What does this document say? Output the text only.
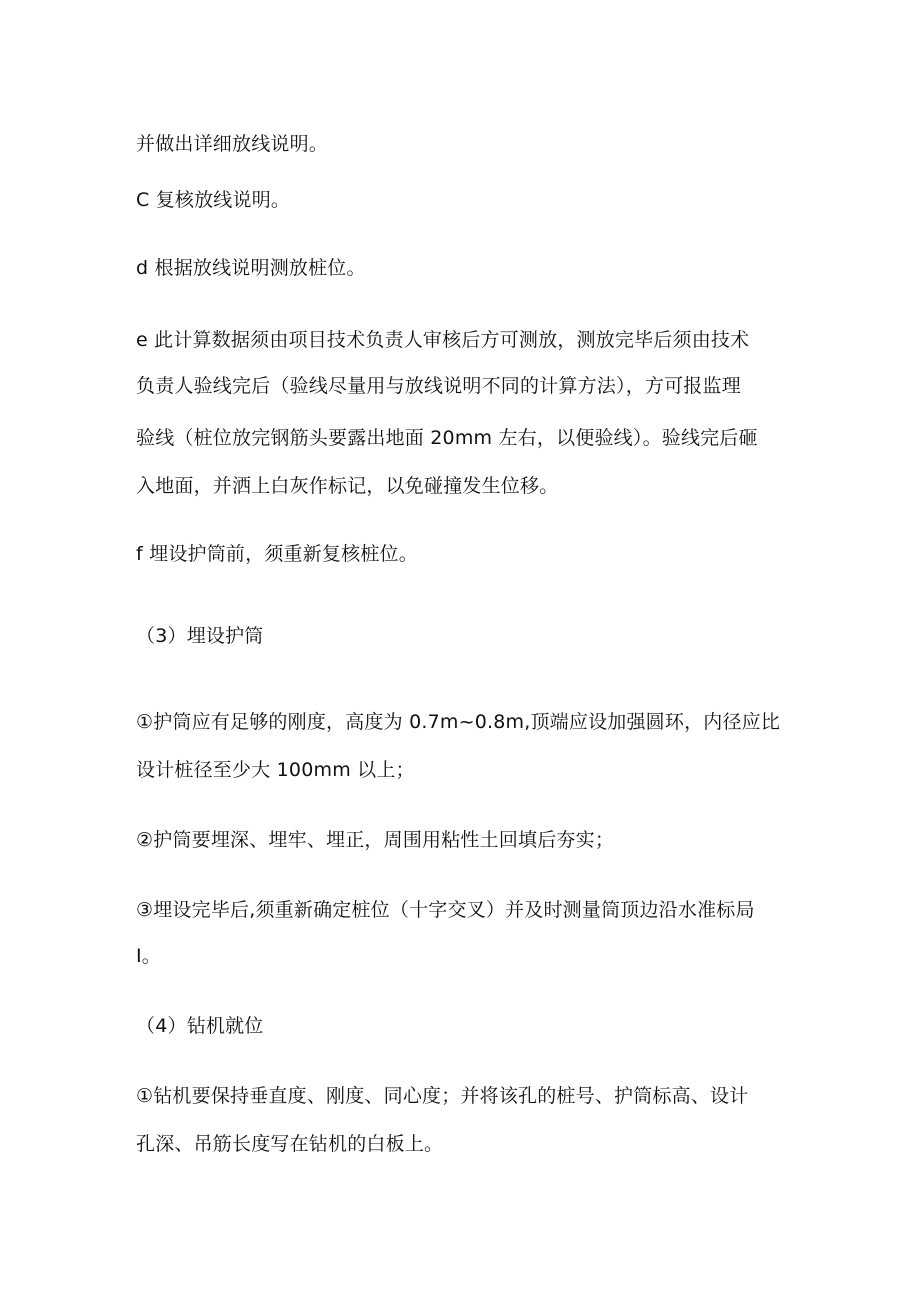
并做出详细放线说明。
C 复核放线说明。
d 根据放线说明测放桩位。
e 此计算数据须由项目技术负责人审核后方可测放，测放完毕后须由技术
负责人验线完后（验线尽量用与放线说明不同的计算方法），方可报监理
验线（桩位放完钢筋头要露出地面 20mm 左右，以便验线）。验线完后砸
入地面，并洒上白灰作标记，以免碰撞发生位移。
f 埋设护筒前，须重新复核桩位。
（3）埋设护筒
①护筒应有足够的刚度，高度为 0.7m~0.8m,顶端应设加强圆环，内径应比
设计桩径至少大 100mm 以上；
②护筒要埋深、埋牢、埋正，周围用粘性土回填后夯实；
③埋设完毕后,须重新确定桩位（十字交叉）并及时测量筒顶边沿水准标局
I。
（4）钻机就位
①钻机要保持垂直度、刚度、同心度；并将该孔的桩号、护筒标高、设计
孔深、吊筋长度写在钻机的白板上。
